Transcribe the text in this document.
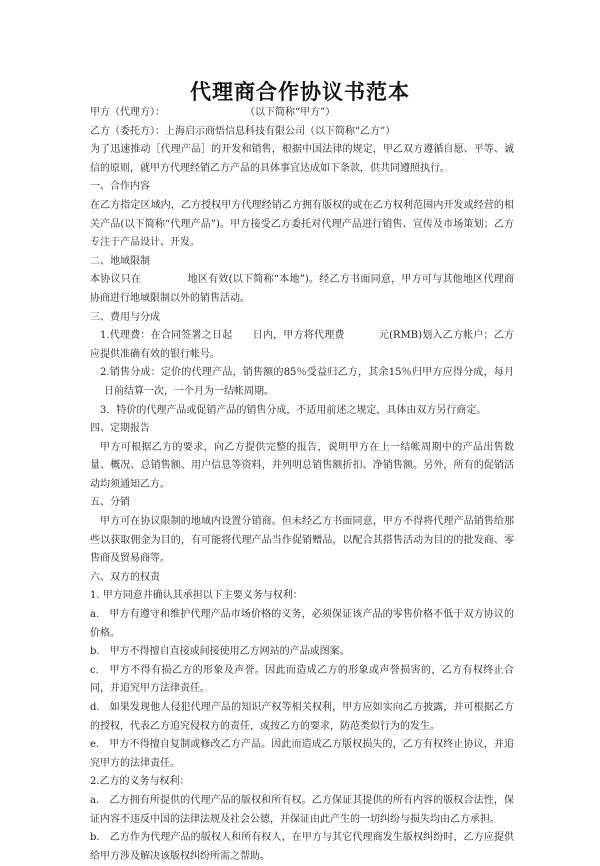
代理商合作协议书范本

甲方（代理方）：	（以下简称“甲方”）

乙方（委托方）：上海启示商悟信息科技有限公司（以下简称“乙方”）

为了迅速推动［代理产品］的开发和销售，根据中国法律的规定，甲乙双方遵循自愿、平等、诚信的原则，就甲方代理经销乙方产品的具体事宜达成如下条款，供共同遵照执行。

一、合作内容

在乙方指定区域内，乙方授权甲方代理经销乙方拥有版权的或在乙方权利范围内开发或经营的相关产品(以下简称“代理产品”)。甲方接受乙方委托对代理产品进行销售、宣传及市场策划；乙方专注于产品设计、开发。

二、地域限制

本协议只在	地区有效(以下简称“本地”)。经乙方书面同意，甲方可与其他地区代理商协商进行地域限制以外的销售活动。

三、费用与分成

1.代理费：在合同签署之日起 日内，甲方将代理费	元(RMB)划入乙方帐户；乙方应提供准确有效的银行帐号。

2.销售分成：定价的代理产品，销售额的85％受益归乙方，其余15％归甲方应得分成，每月日前结算一次，一个月为一结帐周期。

3．特价的代理产品或促销产品的销售分成，不适用前述之规定，具体由双方另行商定。

四、定期报告

甲方可根据乙方的要求，向乙方提供完整的报告，说明甲方在上一结帐周期中的产品出售数量、概况、总销售额、用户信息等资料，并列明总销售额折扣、净销售额。另外，所有的促销活动均须通知乙方。

五、分销

甲方可在协议限制的地域内设置分销商。但未经乙方书面同意，甲方不得将代理产品销售给那些以获取佣金为目的，有可能将代理产品当作促销赠品，以配合其搭售活动为目的的批发商、零售商及贸易商等。

六、双方的权责

1. 甲方同意并确认其承担以下主要义务与权利：

a.　甲方有遵守和维护代理产品市场价格的义务，必须保证该产品的零售价格不低于双方协议的价格。

b.　甲方不得擅自直接或间接使用乙方网站的产品或图案。

c.　甲方不得有损乙方的形象及声誉。因此而造成乙方的形象或声誉损害的，乙方有权终止合同，并追究甲方法律责任。

d.　如果发现他人侵犯代理产品的知识产权等相关权利，甲方应如实向乙方披露，并可根据乙方的授权，代表乙方追究侵权方的责任，或按乙方的要求，防范类似行为的发生。

e.　甲方不得擅自复制或修改乙方产品。因此而造成乙方版权损失的，乙方有权终止协议，并追究甲方的法律责任。

2.乙方的义务与权利：

a.　乙方拥有所提供的代理产品的版权和所有权。乙方保证其提供的所有内容的版权合法性，保证内容不违反中国的法律法规及社会公德，并保证由此产生的一切纠纷与损失均由乙方承担。

b.　乙方作为代理产品的版权人和所有权人，在甲方与其它代理商发生版权纠纷时，乙方应提供给甲方涉及解决该版权纠纷所需之帮助。
